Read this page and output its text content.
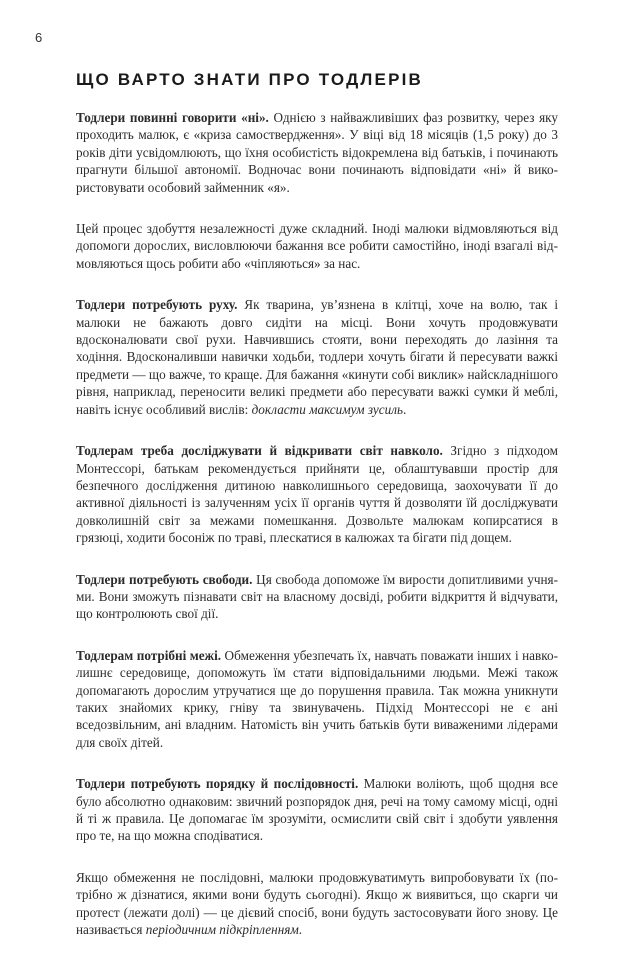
6
ЩО ВАРТО ЗНАТИ ПРО ТОДЛЕРІВ

Тодлери повинні говорити «ні». Однією з найважливіших фаз розвитку, через яку проходить малюк, є «криза самоствердження». У віці від 18 місяців (1,5 року) до 3 років діти усвідомлюють, що їхня особистість відокремлена від батьків, і починають прагнути більшої автономії. Водночас вони починають відповідати «ні» й використовувати особовий займенник «я».

Цей процес здобуття незалежності дуже складний. Іноді малюки відмовляються від допомоги дорослих, висловлюючи бажання все робити самостійно, іноді взагалі відмовляються щось робити або «чіпляються» за нас.

Тодлери потребують руху. Як тварина, ув’язнена в клітці, хоче на волю, так і малюки не бажають довго сидіти на місці. Вони хочуть продовжувати вдосконалювати свої рухи. Навчившись стояти, вони переходять до лазіння та ходіння. Вдосконаливши навички ходьби, тодлери хочуть бігати й пересувати важкі предмети — що важче, то краще. Для бажання «кинути собі виклик» найскладнішого рівня, наприклад, переносити великі предмети або пересувати важкі сумки й меблі, навіть існує особливий вислів: докласти максимум зусиль.

Тодлерам треба досліджувати й відкривати світ навколо. Згідно з підходом Монтессорі, батькам рекомендується прийняти це, облаштувавши простір для безпечного дослідження дитиною навколишнього середовища, заохочувати її до активної діяльності із залученням усіх її органів чуття й дозволяти їй досліджувати довколишній світ за межами помешкання. Дозвольте малюкам копирсатися в грязюці, ходити босоніж по траві, плескатися в калюжах та бігати під дощем.

Тодлери потребують свободи. Ця свобода допоможе їм вирости допитливими учнями. Вони зможуть пізнавати світ на власному досвіді, робити відкриття й відчувати, що контролюють свої дії.

Тодлерам потрібні межі. Обмеження убезпечать їх, навчать поважати інших і навколишнє середовище, допоможуть їм стати відповідальними людьми. Межі також допомагають дорослим утручатися ще до порушення правила. Так можна уникнути таких знайомих крику, гніву та звинувачень. Підхід Монтессорі не є ані вседозвільним, ані владним. Натомість він учить батьків бути виваженими лідерами для своїх дітей.

Тодлери потребують порядку й послідовності. Малюки воліють, щоб щодня все було абсолютно однаковим: звичний розпорядок дня, речі на тому самому місці, одні й ті ж правила. Це допомагає їм зрозуміти, осмислити свій світ і здобути уявлення про те, на що можна сподіватися.

Якщо обмеження не послідовні, малюки продовжуватимуть випробовувати їх (потрібно ж дізнатися, якими вони будуть сьогодні). Якщо ж виявиться, що скарги чи протест (лежати долі) — це дієвий спосіб, вони будуть застосовувати його знову. Це називається періодичним підкріпленням.
